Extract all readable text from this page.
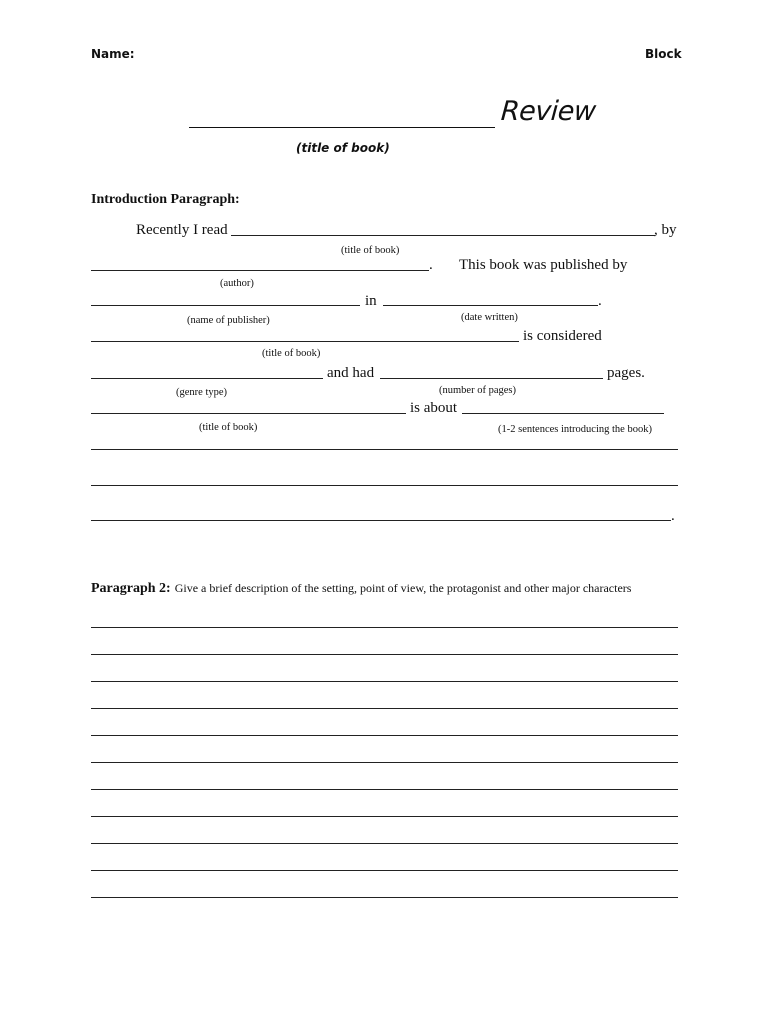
Name:	Block
Review
(title of book)
Introduction Paragraph:
Recently I read	, by
(title of book)
. This book was published by
(author)
in	.
(name of publisher)	(date written)
is considered
(title of book)
and had	pages.
(genre type)	(number of pages)
is about
(title of book)	(1-2 sentences introducing the book)
.
Paragraph 2: Give a brief description of the setting, point of view, the protagonist and other major characters
